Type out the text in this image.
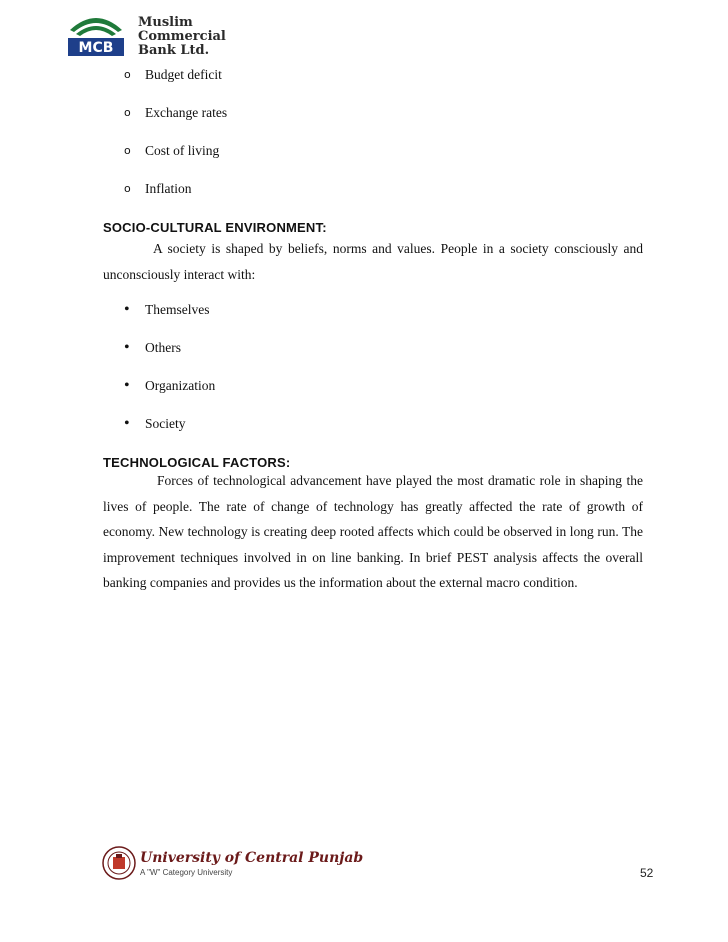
MCB
Muslim
Commercial
Bank Ltd.
o	Budget deficit
o	Exchange rates
o	Cost of living
o	Inflation
SOCIO-CULTURAL ENVIRONMENT:
A society is shaped by beliefs, norms and values. People in a society consciously and unconsciously interact with:
•	Themselves
•	Others
•	Organization
•	Society
TECHNOLOGICAL FACTORS:
Forces of technological advancement have played the most dramatic role in shaping the lives of people. The rate of change of technology has greatly affected the rate of growth of economy. New technology is creating deep rooted affects which could be observed in long run. The improvement techniques involved in on line banking. In brief PEST analysis affects the overall banking companies and provides us the information about the external macro condition.
University of Central Punjab
A "W" Category University	52
